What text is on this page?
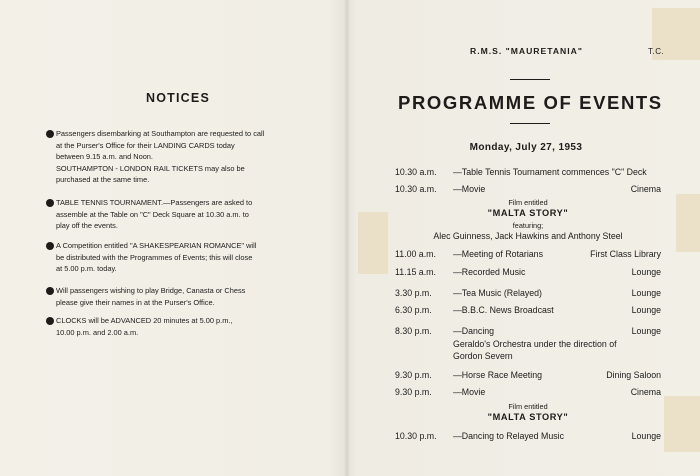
NOTICES
Passengers disembarking at Southampton are requested to call
at the Purser's Office for their LANDING CARDS today
between 9.15 a.m. and Noon.
SOUTHAMPTON - LONDON RAIL TICKETS may also be
purchased at the same time.
TABLE TENNIS TOURNAMENT.—Passengers are asked to
assemble at the Table on "C" Deck Square at 10.30 a.m. to
play off the events.
A Competition entitled "A SHAKESPEARIAN ROMANCE" will
be distributed with the Programmes of Events; this will close
at 5.00 p.m. today.
Will passengers wishing to play Bridge, Canasta or Chess
please give their names in at the Purser's Office.
CLOCKS will be ADVANCED 20 minutes at 5.00 p.m.,
10.00 p.m. and 2.00 a.m.
R.M.S. "MAURETANIA"	T.C.
PROGRAMME OF EVENTS
Monday, July 27, 1953
10.30 a.m. —Table Tennis Tournament commences "C" Deck
10.30 a.m. —Movie	Cinema
Film entitled
"MALTA STORY"
featuring;
Alec Guinness, Jack Hawkins and Anthony Steel
11.00 a.m. —Meeting of Rotarians	First Class Library
11.15 a.m. —Recorded Music	Lounge
3.30 p.m. —Tea Music (Relayed)	Lounge
6.30 p.m. —B.B.C. News Broadcast	Lounge
8.30 p.m. —Dancing	Lounge
Geraldo's Orchestra under the direction of
Gordon Severn
9.30 p.m. —Horse Race Meeting	Dining Saloon
9.30 p.m. —Movie	Cinema
Film entitled
"MALTA STORY"
10.30 p.m. —Dancing to Relayed Music	Lounge
